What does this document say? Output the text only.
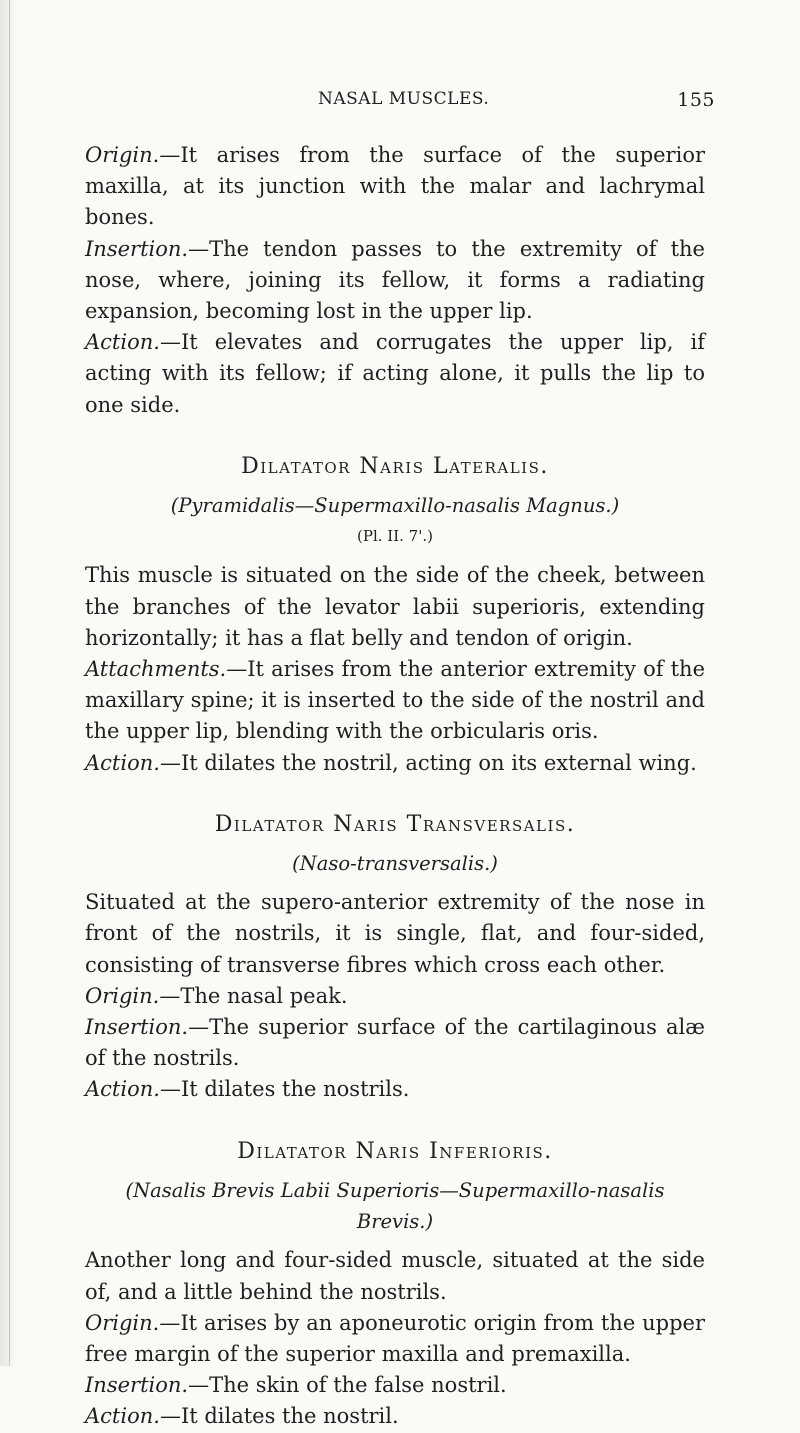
NASAL MUSCLES.	155

Origin.—It arises from the surface of the superior maxilla, at its junction with the malar and lachrymal bones.

Insertion.—The tendon passes to the extremity of the nose, where, joining its fellow, it forms a radiating expansion, becoming lost in the upper lip.

Action.—It elevates and corrugates the upper lip, if acting with its fellow; if acting alone, it pulls the lip to one side.

Dilatator Naris Lateralis.
(Pyramidalis—Supermaxillo-nasalis Magnus.)
(Pl. II. 7'.)

This muscle is situated on the side of the cheek, between the branches of the levator labii superioris, extending horizontally; it has a flat belly and tendon of origin.

Attachments.—It arises from the anterior extremity of the maxillary spine; it is inserted to the side of the nostril and the upper lip, blending with the orbicularis oris.

Action.—It dilates the nostril, acting on its external wing.

Dilatator Naris Transversalis.
(Naso-transversalis.)

Situated at the supero-anterior extremity of the nose in front of the nostrils, it is single, flat, and four-sided, consisting of transverse fibres which cross each other.

Origin.—The nasal peak.

Insertion.—The superior surface of the cartilaginous alæ of the nostrils.

Action.—It dilates the nostrils.

Dilatator Naris Inferioris.
(Nasalis Brevis Labii Superioris—Supermaxillo-nasalis Brevis.)

Another long and four-sided muscle, situated at the side of, and a little behind the nostrils.

Origin.—It arises by an aponeurotic origin from the upper free margin of the superior maxilla and premaxilla.

Insertion.—The skin of the false nostril.

Action.—It dilates the nostril.
